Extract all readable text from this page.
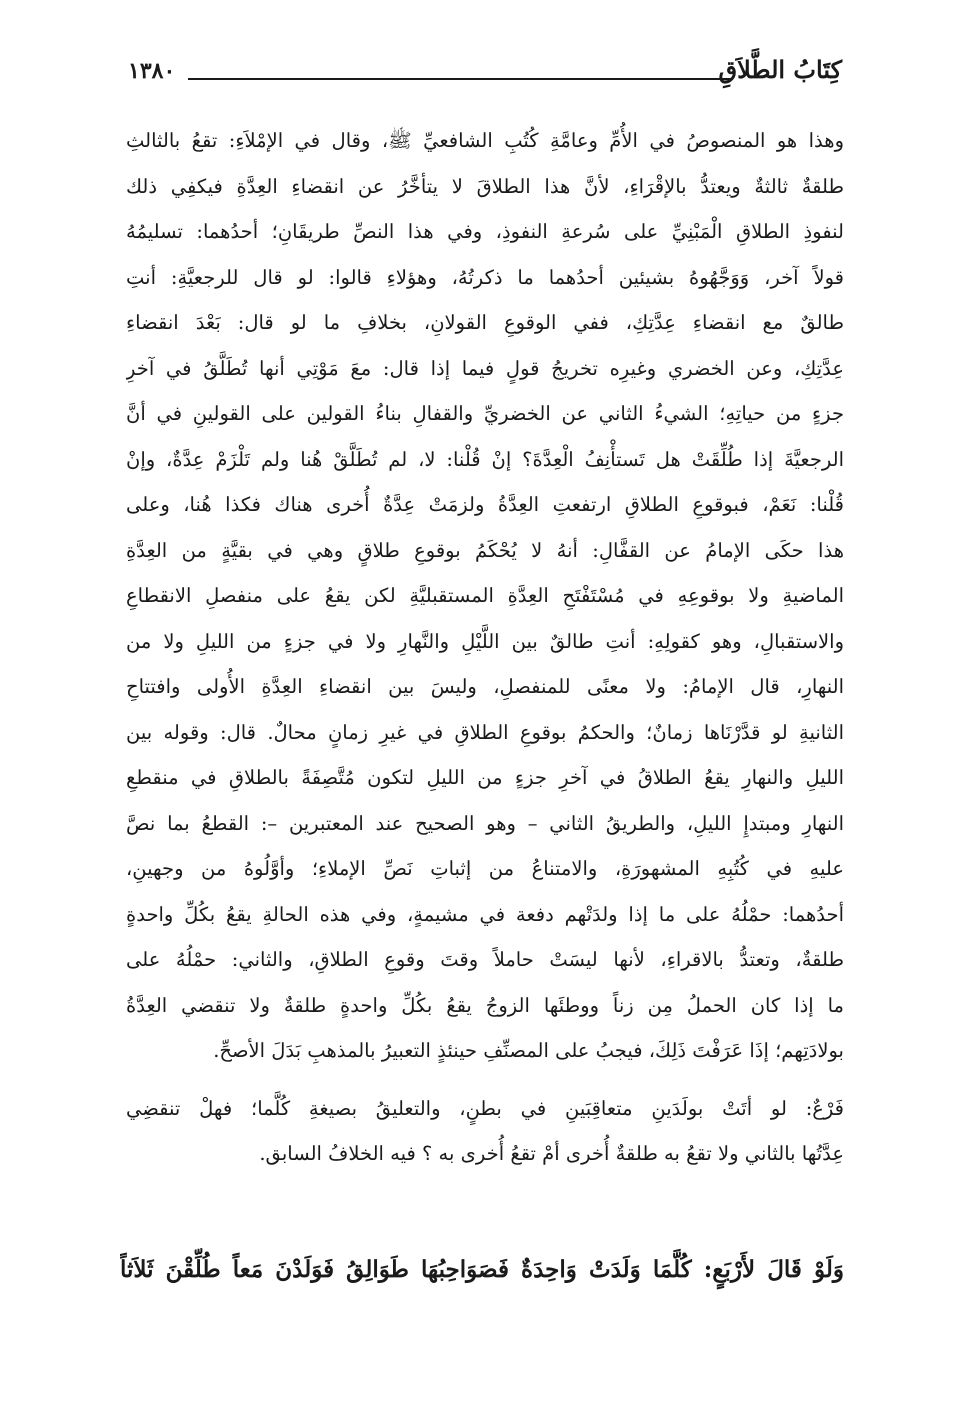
كِتَابُ الطَّلاَقِ
١٣٨٠
وهذا هو المنصوصُ في الأُمِّ وعامَّةِ كُتُبِ الشافعيِّ ﷺ، وقال في الإمْلاَءِ: تقعُ بالثالثِ
طلقةٌ ثالثةٌ ويعتدُّ بالإقْرَاءِ، لأنَّ هذا الطلاقَ لا يتأخَّرُ عن انقضاءِ العِدَّةِ فيكفِي ذلك
لنفوذِ الطلاقِ الْمَبْنِيِّ على سُرعةِ النفوذِ، وفي هذا النصِّ طريقَانِ؛ أحدُهما: تسليمُهُ
قولاً آخر، وَوَجَّهُوهُ بشيئين أحدُهما ما ذكرتُهُ، وهؤلاءِ قالوا: لو قال للرجعيَّةِ: أنتِ
طالقٌ مع انقضاءِ عِدَّتِكِ، ففي الوقوعِ القولانِ، بخلافِ ما لو قال: بَعْدَ انقضاءِ
عِدَّتِكِ، وعن الخضري وغيرِه تخريجُ قولٍ فيما إذا قال: معَ مَوْتِي أنها تُطَلَّقُ في آخرِ
جزءٍ من حياتِهِ؛ الشيءُ الثاني عن الخضريِّ والقفالِ بناءُ القولين على القولينِ في أنَّ
الرجعيَّةَ إذا طُلِّقَتْ هل تَستأْنِفُ الْعِدَّةَ؟ إنْ قُلْنا: لا، لم تُطَلَّقْ هُنا ولم تَلْزَمْ عِدَّةٌ، وإنْ
قُلْنا: نَعَمْ، فبوقوعِ الطلاقِ ارتفعتِ العِدَّةُ ولزمَتْ عِدَّةٌ أُخرى هناك فكذا هُنا، وعلى
هذا حكَى الإمامُ عن القفَّالِ: أنهُ لا يُحْكَمُ بوقوعِ طلاقٍ وهي في بقيَّةٍ من العِدَّةِ
الماضيةِ ولا بوقوعِهِ في مُسْتَفْتَحِ العِدَّةِ المستقبليَّةِ لكن يقعُ على منفصلِ الانقطاعِ
والاستقبالِ، وهو كقولِهِ: أنتِ طالقٌ بين اللَّيْلِ والنَّهارِ ولا في جزءٍ من الليلِ ولا من
النهارِ، قال الإمامُ: ولا معنًى للمنفصلِ، وليسَ بين انقضاءِ العِدَّةِ الأُولى وافتتاحِ
الثانيةِ لو قدَّرْنَاها زمانٌ؛ والحكمُ بوقوعِ الطلاقِ في غيرِ زمانٍ محالٌ. قال: وقوله بين
الليلِ والنهارِ يقعُ الطلاقُ في آخرِ جزءٍ من الليلِ لتكون مُتَّصِفَةً بالطلاقِ في منقطعِ
النهارِ ومبتدإِ الليلِ، والطريقُ الثاني – وهو الصحيح عند المعتبرين –: القطعُ بما نصَّ
عليهِ في كُتُبِهِ المشهورَةِ، والامتناعُ من إثباتِ نَصِّ الإملاءِ؛ وأوَّلُوهُ من وجهينِ،
أحدُهما: حمْلُهُ على ما إذا ولدَتْهم دفعة في مشيمةٍ، وفي هذه الحالةِ يقعُ بكُلِّ واحدةٍ
طلقةٌ، وتعتدُّ بالاقراءِ، لأنها ليسَتْ حاملاً وقتَ وقوعِ الطلاقِ، والثاني: حمْلُهُ على
ما إذا كان الحملُ مِن زناً ووطئَها الزوجُ يقعُ بكُلِّ واحدةٍ طلقةٌ ولا تنقضي العِدَّةُ
بولادَتِهم؛ إذَا عَرَفْتَ ذَلِكَ، فيجبُ على المصنِّفِ حينئذٍ التعبيرُ بالمذهبِ بَدَلَ الأصحِّ.
فَرْعٌ: لو أتَتْ بولَدَينِ متعاقِبَينِ في بطنٍ، والتعليقُ بصيغةِ كُلَّما؛ فهلْ تنقضِي
عِدَّتُها بالثاني ولا تقعُ به طلقةٌ أُخرى أمْ تقعُ أُخرى به ؟ فيه الخلافُ السابق.
وَلَوْ قَالَ لأَرْبَعٍ: كُلَّمَا وَلَدَتْ وَاحِدَةٌ فَصَوَاحِبُهَا طَوَالِقُ فَوَلَدْنَ مَعاً طُلِّقْنَ ثَلاَثاً
